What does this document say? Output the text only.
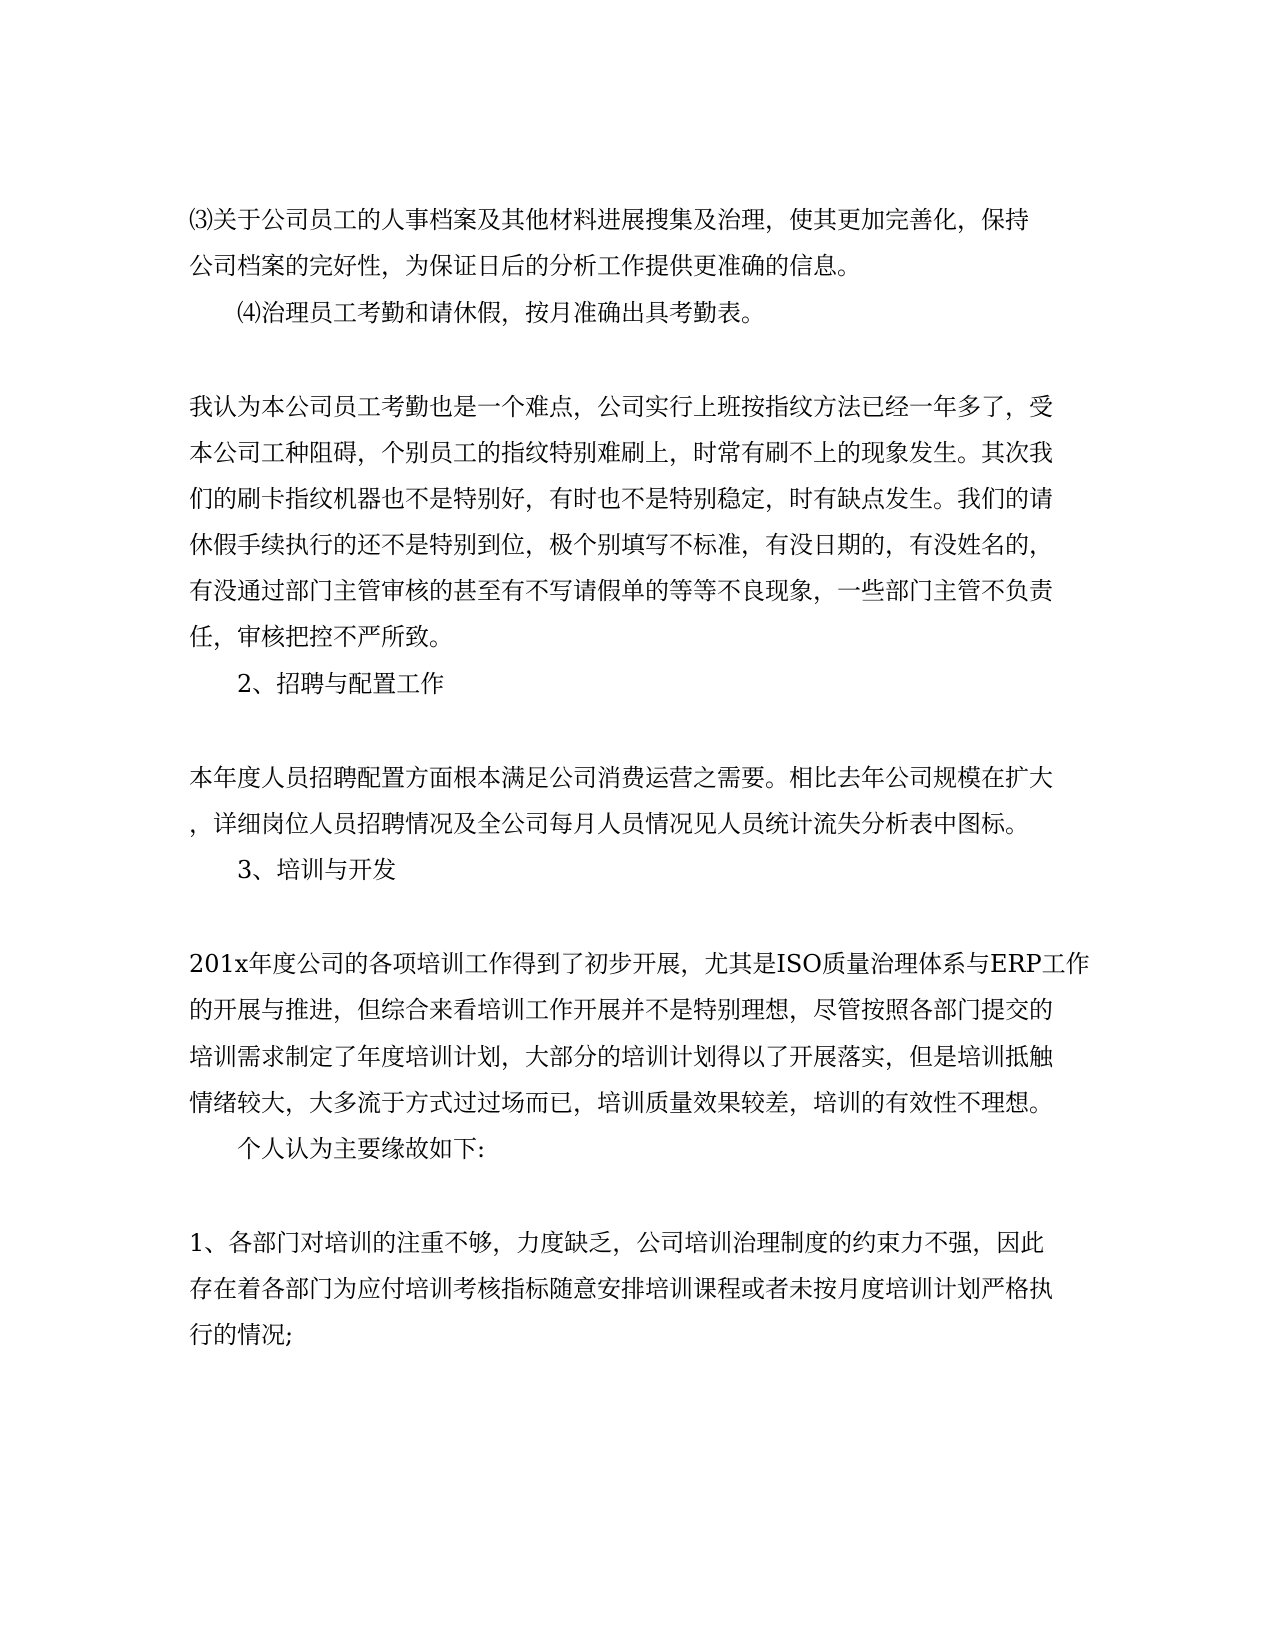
⑶关于公司员工的人事档案及其他材料进展搜集及治理，使其更加完善化，保持
公司档案的完好性，为保证日后的分析工作提供更准确的信息。
⑷治理员工考勤和请休假，按月准确出具考勤表。
我认为本公司员工考勤也是一个难点，公司实行上班按指纹方法已经一年多了，受
本公司工种阻碍，个别员工的指纹特别难刷上，时常有刷不上的现象发生。其次我
们的刷卡指纹机器也不是特别好，有时也不是特别稳定，时有缺点发生。我们的请
休假手续执行的还不是特别到位，极个别填写不标准，有没日期的，有没姓名的，
有没通过部门主管审核的甚至有不写请假单的等等不良现象，一些部门主管不负责
任，审核把控不严所致。
2、招聘与配置工作
本年度人员招聘配置方面根本满足公司消费运营之需要。相比去年公司规模在扩大
，详细岗位人员招聘情况及全公司每月人员情况见人员统计流失分析表中图标。
3、培训与开发
201x年度公司的各项培训工作得到了初步开展，尤其是ISO质量治理体系与ERP工作
的开展与推进，但综合来看培训工作开展并不是特别理想，尽管按照各部门提交的
培训需求制定了年度培训计划，大部分的培训计划得以了开展落实，但是培训抵触
情绪较大，大多流于方式过过场而已，培训质量效果较差，培训的有效性不理想。
个人认为主要缘故如下:
1、各部门对培训的注重不够，力度缺乏，公司培训治理制度的约束力不强，因此
存在着各部门为应付培训考核指标随意安排培训课程或者未按月度培训计划严格执
行的情况;
